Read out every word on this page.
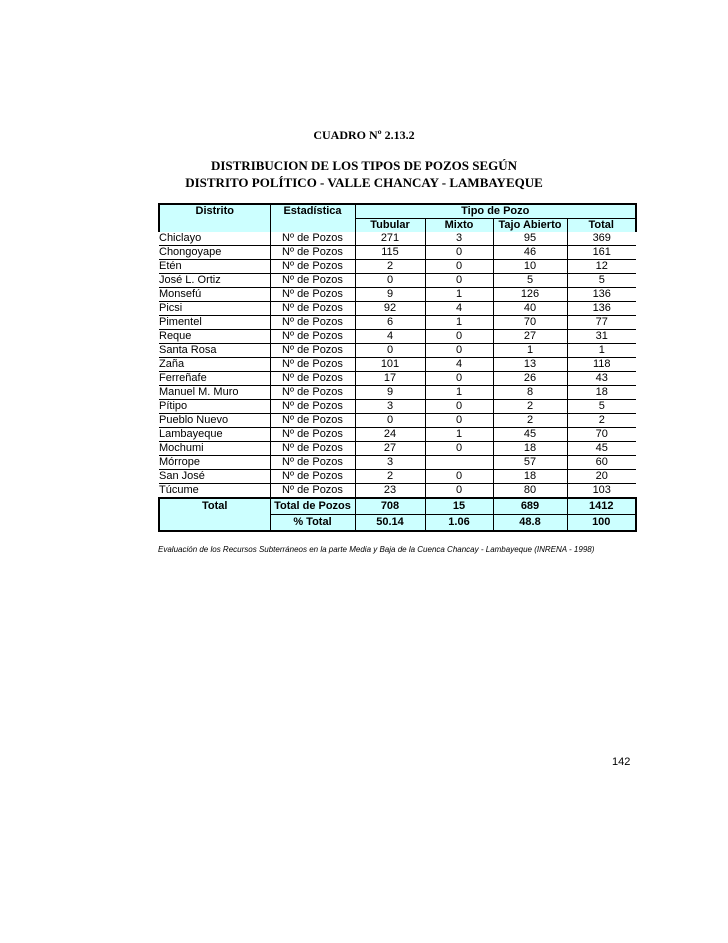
CUADRO Nº 2.13.2
DISTRIBUCION DE LOS TIPOS DE POZOS SEGÚN
DISTRITO POLÍTICO - VALLE CHANCAY - LAMBAYEQUE
Distrito	Estadística	Tipo de Pozo			
		Tubular	Mixto	Tajo Abierto	Total
Chiclayo	Nº de Pozos	271	3	95	369
Chongoyape	Nº de Pozos	115	0	46	161
Etén	Nº de Pozos	2	0	10	12
José L. Ortiz	Nº de Pozos	0	0	5	5
Monsefú	Nº de Pozos	9	1	126	136
Picsi	Nº de Pozos	92	4	40	136
Pimentel	Nº de Pozos	6	1	70	77
Reque	Nº de Pozos	4	0	27	31
Santa Rosa	Nº de Pozos	0	0	1	1
Zaña	Nº de Pozos	101	4	13	118
Ferreñafe	Nº de Pozos	17	0	26	43
Manuel M. Muro	Nº de Pozos	9	1	8	18
Pítipo	Nº de Pozos	3	0	2	5
Pueblo Nuevo	Nº de Pozos	0	0	2	2
Lambayeque	Nº de Pozos	24	1	45	70
Mochumi	Nº de Pozos	27	0	18	45
Mórrope	Nº de Pozos	3		57	60
San José	Nº de Pozos	2	0	18	20
Túcume	Nº de Pozos	23	0	80	103
Total	Total de Pozos	708	15	689	1412
	% Total	50.14	1.06	48.8	100
Evaluación de los Recursos Subterráneos en la parte Media y Baja de la Cuenca Chancay - Lambayeque (INRENA - 1998)
142
